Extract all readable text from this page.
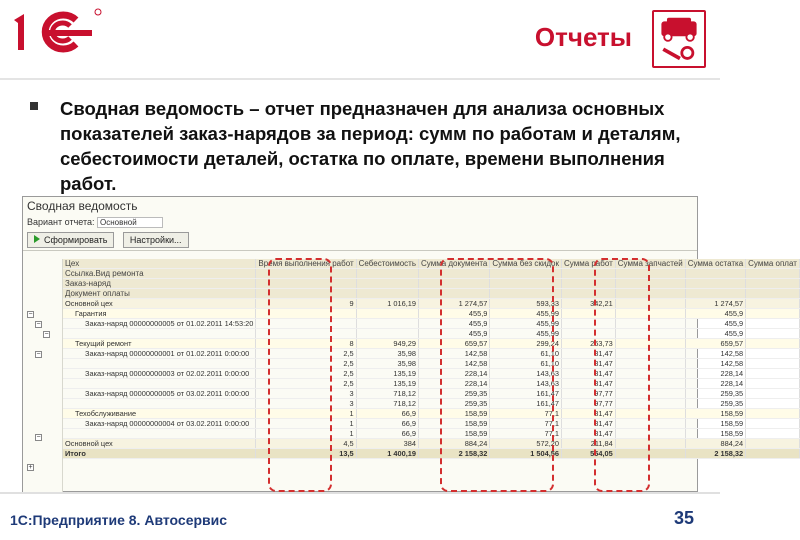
Отчеты
Сводная ведомость – отчет предназначен для анализа основных показателей заказ-нарядов за период: сумм по работам и деталям, себестоимости деталей, остатка по оплате, времени выполнения работ.
Сводная ведомость
Вариант отчета: Основной
Сформировать Настройки...
−
−
−
−
−
+
Цех	Время выполнения работ	Себестоимость	Сумма документа	Сумма без скидок	Сумма работ	Сумма запчастей	Сумма остатка	Сумма оплат
Ссылка.Вид ремонта								
Заказ-наряд								
Документ оплаты								
Основной цех	9	1 016,19	1 274,57	593,33	342,21		1 274,57	
Гарантия			455,9	455,99			455,9	
Заказ-наряд 00000000005 от 01.02.2011 14:53:20			455,9	455,99			455,9	
			455,9	455,99			455,9	
Текущий ремонт	8	949,29	659,57	299,24	263,73		659,57	
Заказ-наряд 00000000001 от 01.02.2011 0:00:00	2,5	35,98	142,58	61,10	81,47		142,58	
	2,5	35,98	142,58	61,10	81,47		142,58	
Заказ-наряд 00000000003 от 02.02.2011 0:00:00	2,5	135,19	228,14	143,63	81,47		228,14	
	2,5	135,19	228,14	143,63	81,47		228,14	
Заказ-наряд 00000000005 от 03.02.2011 0:00:00	3	718,12	259,35	161,47	97,77		259,35	
	3	718,12	259,35	161,47	97,77		259,35	
Техобслуживание	1	66,9	158,59	77,1	81,47		158,59	
Заказ-наряд 00000000004 от 03.02.2011 0:00:00	1	66,9	158,59	77,1	81,47		158,59	
	1	66,9	158,59	77,1	81,47		158,59	
Основной цех	4,5	384	884,24	572,20	211,84		884,24	
Итого	13,5	1 400,19	2 158,32	1 504,56	554,05		2 158,32	
1С:Предприятие 8. Автосервис	35
